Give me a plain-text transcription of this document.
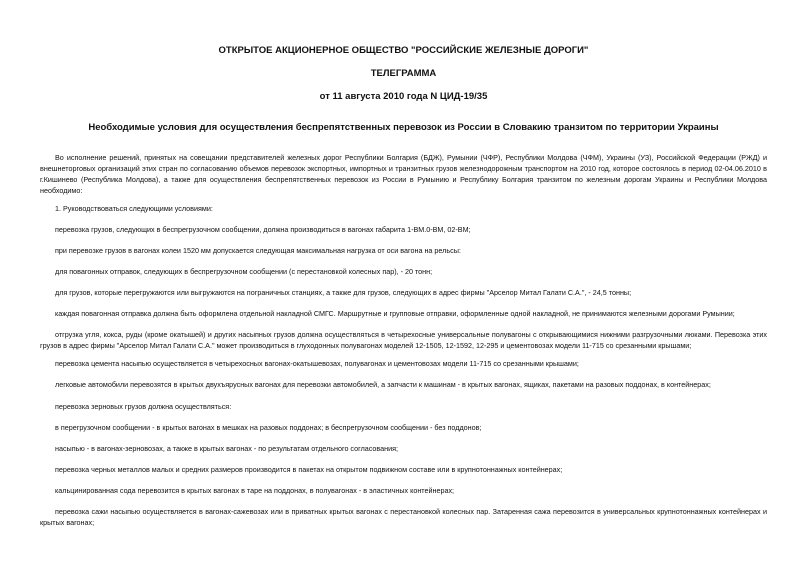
ОТКРЫТОЕ АКЦИОНЕРНОЕ ОБЩЕСТВО "РОССИЙСКИЕ ЖЕЛЕЗНЫЕ ДОРОГИ"
ТЕЛЕГРАММА
от 11 августа 2010 года N ЦИД-19/35
Необходимые условия для осуществления беспрепятственных перевозок из России в Словакию транзитом по территории Украины
Во исполнение решений, принятых на совещании представителей железных дорог Республики Болгария (БДЖ), Румынии (ЧФР), Республики Молдова (ЧФМ), Украины (УЗ), Российской Федерации (РЖД) и
внешнеторговых организаций этих стран по согласованию объемов перевозок экспортных, импортных и транзитных грузов железнодорожным транспортом на 2010 год, которое состоялось в период 02-04.06.2010 в
г.Кишинево (Республика Молдова), а также для осуществления беспрепятственных перевозок из России в Румынию и Республику Болгария транзитом по железным дорогам Украины и Республики Молдова
необходимо:
1. Руководствоваться следующими условиями:
перевозка грузов, следующих в беспрегрузочном сообщении, должна производиться в вагонах габарита 1-ВМ.0-ВМ, 02-ВМ;
при перевозке грузов в вагонах колеи 1520 мм допускается следующая максимальная нагрузка от оси вагона на рельсы:
для повагонных отправок, следующих в беспрегрузочном сообщении (с перестановкой колесных пар), - 20 тонн;
для грузов, которые перегружаются или выгружаются на пограничных станциях, а также для грузов, следующих в адрес фирмы "Арселор Митал Галати С.А.", - 24,5 тонны;
каждая повагонная отправка должна быть оформлена отдельной накладной СМГС. Маршрутные и групповые отправки, оформленные одной накладной, не принимаются железными дорогами Румынии;
отгрузка угля, кокса, руды (кроме окатышей) и других насыпных грузов должна осуществляться в четырехосные универсальные полувагоны с открывающимися нижними разгрузочными люками. Перевозка этих
грузов в адрес фирмы "Арселор Митал Галати С.А." может производиться в глуходонных полувагонах моделей 12-1505, 12-1592, 12-295 и цементовозах модели 11-715 со срезанными крышами;
перевозка цемента насыпью осуществляется в четырехосных вагонах-окатышевозах, полувагонах и цементовозах модели 11-715 со срезанными крышами;
легковые автомобили перевозятся в крытых двухъярусных вагонах для перевозки автомобилей, а запчасти к машинам - в крытых вагонах, ящиках, пакетами на разовых поддонах, в контейнерах;
перевозка зерновых грузов должна осуществляться:
в перегрузочном сообщении - в крытых вагонах в мешках на разовых поддонах; в беспрегрузочном сообщении - без поддонов;
насыпью - в вагонах-зерновозах, а также в крытых вагонах - по результатам отдельного согласования;
перевозка черных металлов малых и средних размеров производится в пакетах на открытом подвижном составе или в крупнотоннажных контейнерах;
кальцинированная сода перевозится в крытых вагонах в таре на поддонах, в полувагонах - в эластичных контейнерах;
перевозка сажи насыпью осуществляется в вагонах-сажевозах или в приватных крытых вагонах с перестановкой колесных пар. Затаренная сажа перевозится в универсальных крупнотоннажных контейнерах и
крытых вагонах;
